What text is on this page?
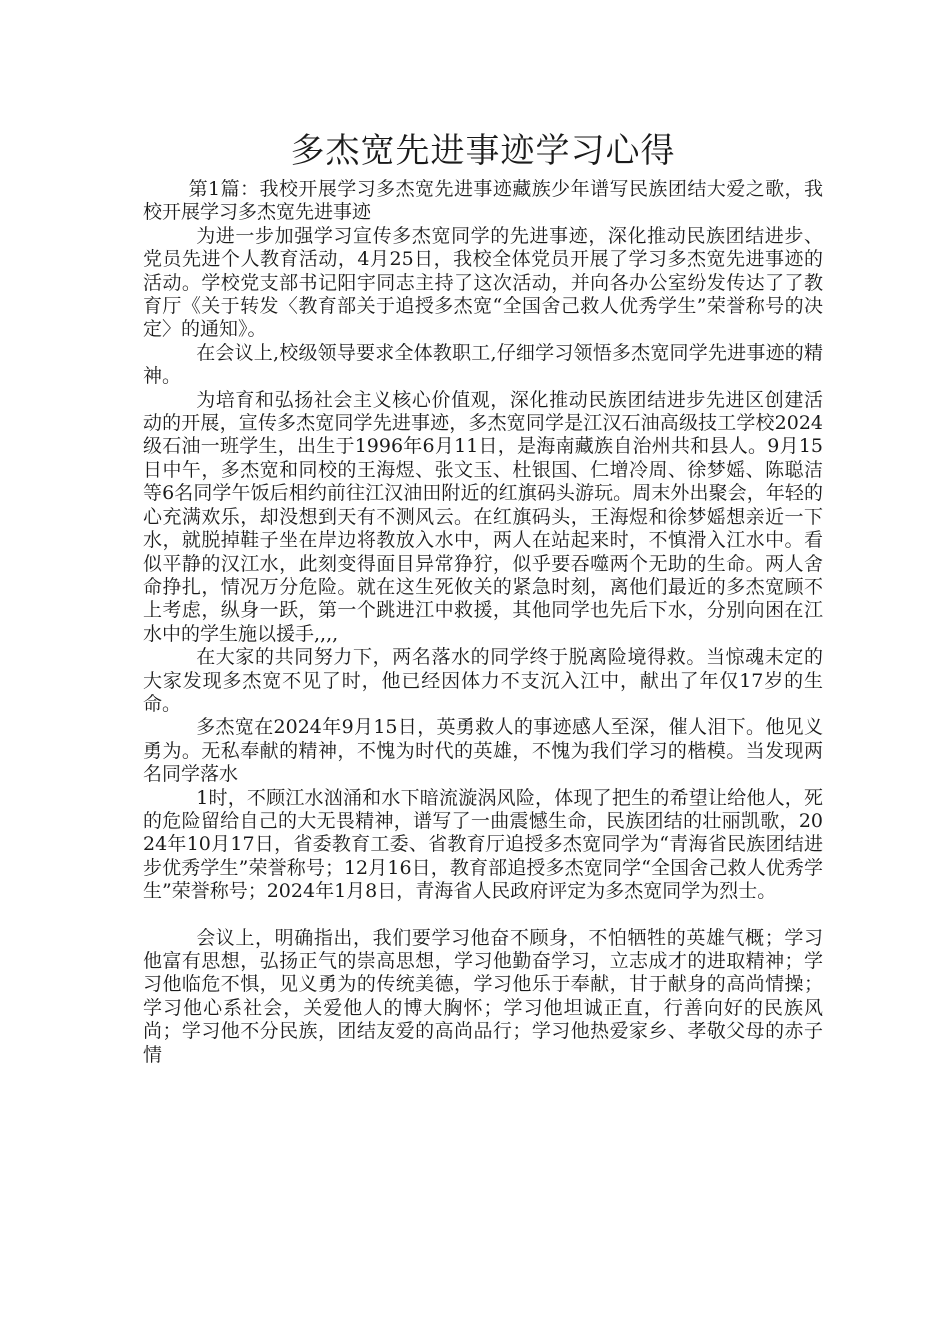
多杰宽先进事迹学习心得

第1篇：我校开展学习多杰宽先进事迹藏族少年谱写民族团结大爱之歌，我校开展学习多杰宽先进事迹

为进一步加强学习宣传多杰宽同学的先进事迹，深化推动民族团结进步、党员先进个人教育活动，4月25日，我校全体党员开展了学习多杰宽先进事迹的活动。学校党支部书记阳宇同志主持了这次活动，并向各办公室纷发传达了了教育厅《关于转发〈教育部关于追授多杰宽“全国舍己救人优秀学生”荣誉称号的决定〉的通知》。

在会议上,校级领导要求全体教职工,仔细学习领悟多杰宽同学先进事迹的精神。

为培育和弘扬社会主义核心价值观，深化推动民族团结进步先进区创建活动的开展，宣传多杰宽同学先进事迹，多杰宽同学是江汉石油高级技工学校2024级石油一班学生，出生于1996年6月11日，是海南藏族自治州共和县人。9月15日中午，多杰宽和同校的王海煜、张文玉、杜银国、仁增冷周、徐梦媱、陈聪洁等6名同学午饭后相约前往江汉油田附近的红旗码头游玩。周末外出聚会，年轻的心充满欢乐，却没想到天有不测风云。在红旗码头，王海煜和徐梦媱想亲近一下水，就脱掉鞋子坐在岸边将教放入水中，两人在站起来时，不慎滑入江水中。看似平静的汉江水，此刻变得面目异常狰狞，似乎要吞噬两个无助的生命。两人舍命挣扎，情况万分危险。就在这生死攸关的紧急时刻，离他们最近的多杰宽顾不上考虑，纵身一跃，第一个跳进江中救援，其他同学也先后下水，分别向困在江水中的学生施以援手,,,,

在大家的共同努力下，两名落水的同学终于脱离险境得救。当惊魂未定的大家发现多杰宽不见了时，他已经因体力不支沉入江中，献出了年仅17岁的生命。

多杰宽在2024年9月15日，英勇救人的事迹感人至深，催人泪下。他见义勇为。无私奉献的精神，不愧为时代的英雄，不愧为我们学习的楷模。当发现两名同学落水

1时，不顾江水汹涌和水下暗流漩涡风险，体现了把生的希望让给他人，死的危险留给自己的大无畏精神，谱写了一曲震憾生命，民族团结的壮丽凯歌，2024年10月17日，省委教育工委、省教育厅追授多杰宽同学为“青海省民族团结进步优秀学生”荣誉称号；12月16日，教育部追授多杰宽同学“全国舍己救人优秀学生”荣誉称号；2024年1月8日，青海省人民政府评定为多杰宽同学为烈士。

会议上，明确指出，我们要学习他奋不顾身，不怕牺牲的英雄气概；学习他富有思想，弘扬正气的崇高思想，学习他勤奋学习，立志成才的进取精神；学习他临危不惧，见义勇为的传统美德，学习他乐于奉献，甘于献身的高尚情操；学习他心系社会，关爱他人的博大胸怀；学习他坦诚正直，行善向好的民族风尚；学习他不分民族，团结友爱的高尚品行；学习他热爱家乡、孝敬父母的赤子情
